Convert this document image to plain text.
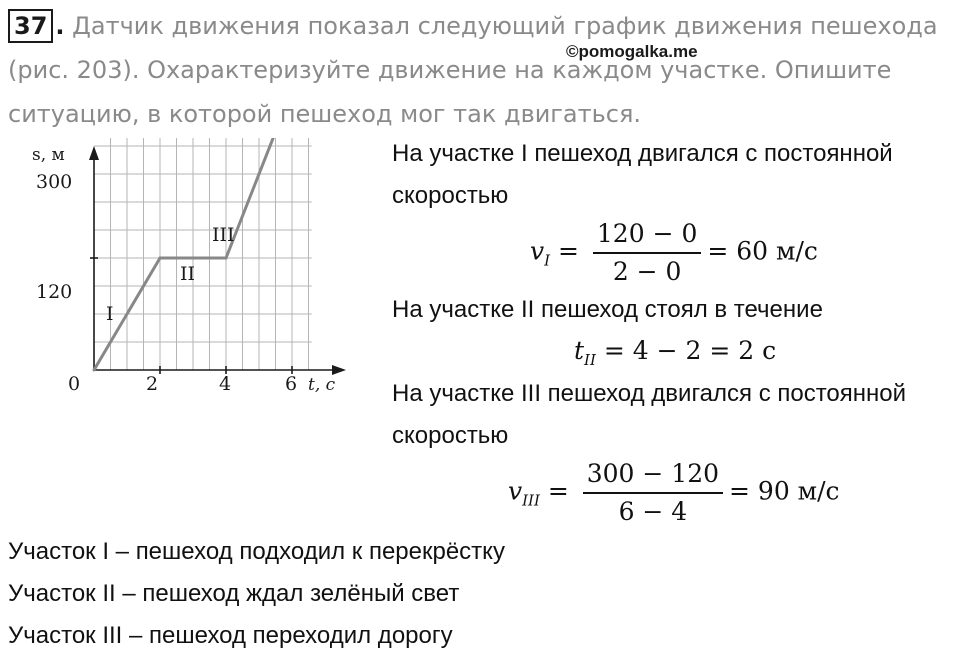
37 . Датчик движения показал следующий график движения пешехода (рис. 203). Охарактеризуйте движение на каждом участке. Опишите ситуацию, в которой пешеход мог так двигаться.
©pomogalka.me
s, м
t, с
0
120
300
2	4	6
I
II
III
На участке I пешеход двигался с постоянной
скоростью
$v_I = \frac{120 - 0}{2 - 0} = 60$ м/с
На участке II пешеход стоял в течение
$t_{II} = 4 - 2 = 2$ с
На участке III пешеход двигался с постоянной
скоростью
$v_{III} = \frac{300 - 120}{6 - 4} = 90$ м/с
Участок I – пешеход подходил к перекрёстку
Участок II – пешеход ждал зелёный свет
Участок III – пешеход переходил дорогу
